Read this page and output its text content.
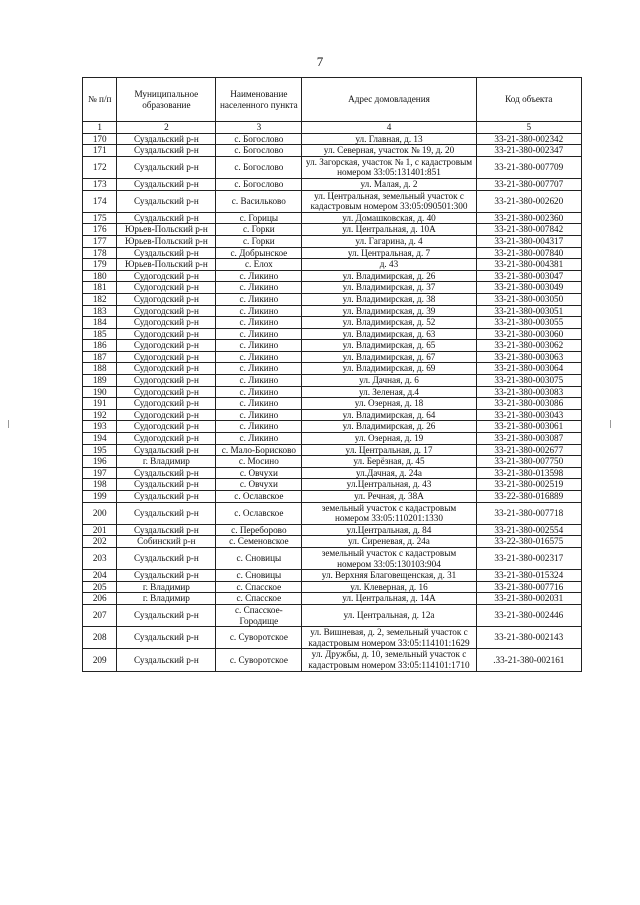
7
№ п/п	Муниципальное образование	Наименование населенного пункта	Адрес домовладения	Код объекта
1	2	3	4	5
170	Суздальский р-н	с. Богослово	ул. Главная, д. 13	33-21-380-002342
171	Суздальский р-н	с. Богослово	ул. Северная, участок № 19, д. 20	33-21-380-002347
172	Суздальский р-н	с. Богослово	ул. Загорская, участок № 1, с кадастровым номером 33:05:131401:851	33-21-380-007709
173	Суздальский р-н	с. Богослово	ул. Малая, д. 2	33-21-380-007707
174	Суздальский р-н	с. Васильково	ул. Центральная, земельный участок с кадастровым номером 33:05:090501:300	33-21-380-002620
175	Суздальский р-н	с. Горицы	ул. Домашковская, д. 40	33-21-380-002360
176	Юрьев-Польский р-н	с. Горки	ул. Центральная, д. 10А	33-21-380-007842
177	Юрьев-Польский р-н	с. Горки	ул. Гагарина, д. 4	33-21-380-004317
178	Суздальский р-н	с. Добрынское	ул. Центральная, д. 7	33-21-380-007840
179	Юрьев-Польский р-н	с. Елох	д. 43	33-21-380-004381
180	Судогодский р-н	с. Ликино	ул. Владимирская, д. 26	33-21-380-003047
181	Судогодский р-н	с. Ликино	ул. Владимирская, д. 37	33-21-380-003049
182	Судогодский р-н	с. Ликино	ул. Владимирская, д. 38	33-21-380-003050
183	Судогодский р-н	с. Ликино	ул. Владимирская, д. 39	33-21-380-003051
184	Судогодский р-н	с. Ликино	ул. Владимирская, д. 52	33-21-380-003055
185	Судогодский р-н	с. Ликино	ул. Владимирская, д. 63	33-21-380-003060
186	Судогодский р-н	с. Ликино	ул. Владимирская, д. 65	33-21-380-003062
187	Судогодский р-н	с. Ликино	ул. Владимирская, д. 67	33-21-380-003063
188	Судогодский р-н	с. Ликино	ул. Владимирская, д. 69	33-21-380-003064
189	Судогодский р-н	с. Ликино	ул. Дачная, д. 6	33-21-380-003075
190	Судогодский р-н	с. Ликино	ул. Зеленая, д.4	33-21-380-003083
191	Судогодский р-н	с. Ликино	ул. Озерная, д. 18	33-21-380-003086
192	Судогодский р-н	с. Ликино	ул. Владимирская, д. 64	33-21-380-003043
193	Судогодский р-н	с. Ликино	ул. Владимирская, д. 26	33-21-380-003061
194	Судогодский р-н	с. Ликино	ул. Озерная, д. 19	33-21-380-003087
195	Суздальский р-н	с. Мало-Борисково	ул. Центральная, д. 17	33-21-380-002677
196	г. Владимир	с. Мосино	ул. Берёзная, д. 45	33-21-380-007750
197	Суздальский р-н	с. Овчухи	ул.Дачная, д. 24а	33-21-380-013598
198	Суздальский р-н	с. Овчухи	ул.Центральная, д. 43	33-21-380-002519
199	Суздальский р-н	с. Ославское	ул. Речная, д. 38А	33-22-380-016889
200	Суздальский р-н	с. Ославское	земельный участок с кадастровым номером 33:05:110201:1330	33-21-380-007718
201	Суздальский р-н	с. Переборово	ул.Центральная, д. 84	33-21-380-002554
202	Собинский р-н	с. Семеновское	ул. Сиреневая, д. 24а	33-22-380-016575
203	Суздальский р-н	с. Сновицы	земельный участок с кадастровым номером 33:05:130103:904	33-21-380-002317
204	Суздальский р-н	с. Сновицы	ул. Верхняя Благовещенская, д. 31	33-21-380-015324
205	г. Владимир	с. Спасское	ул. Клеверная, д. 16	33-21-380-007716
206	г. Владимир	с. Спасское	ул. Центральная, д. 14А	33-21-380-002031
207	Суздальский р-н	с. Спасское-Городище	ул. Центральная, д. 12а	33-21-380-002446
208	Суздальский р-н	с. Суворотское	ул. Вишневая, д. 2, земельный участок с кадастровым номером 33:05:114101:1629	33-21-380-002143
209	Суздальский р-н	с. Суворотское	ул. Дружбы, д. 10, земельный участок с кадастровым номером 33:05:114101:1710	.33-21-380-002161
